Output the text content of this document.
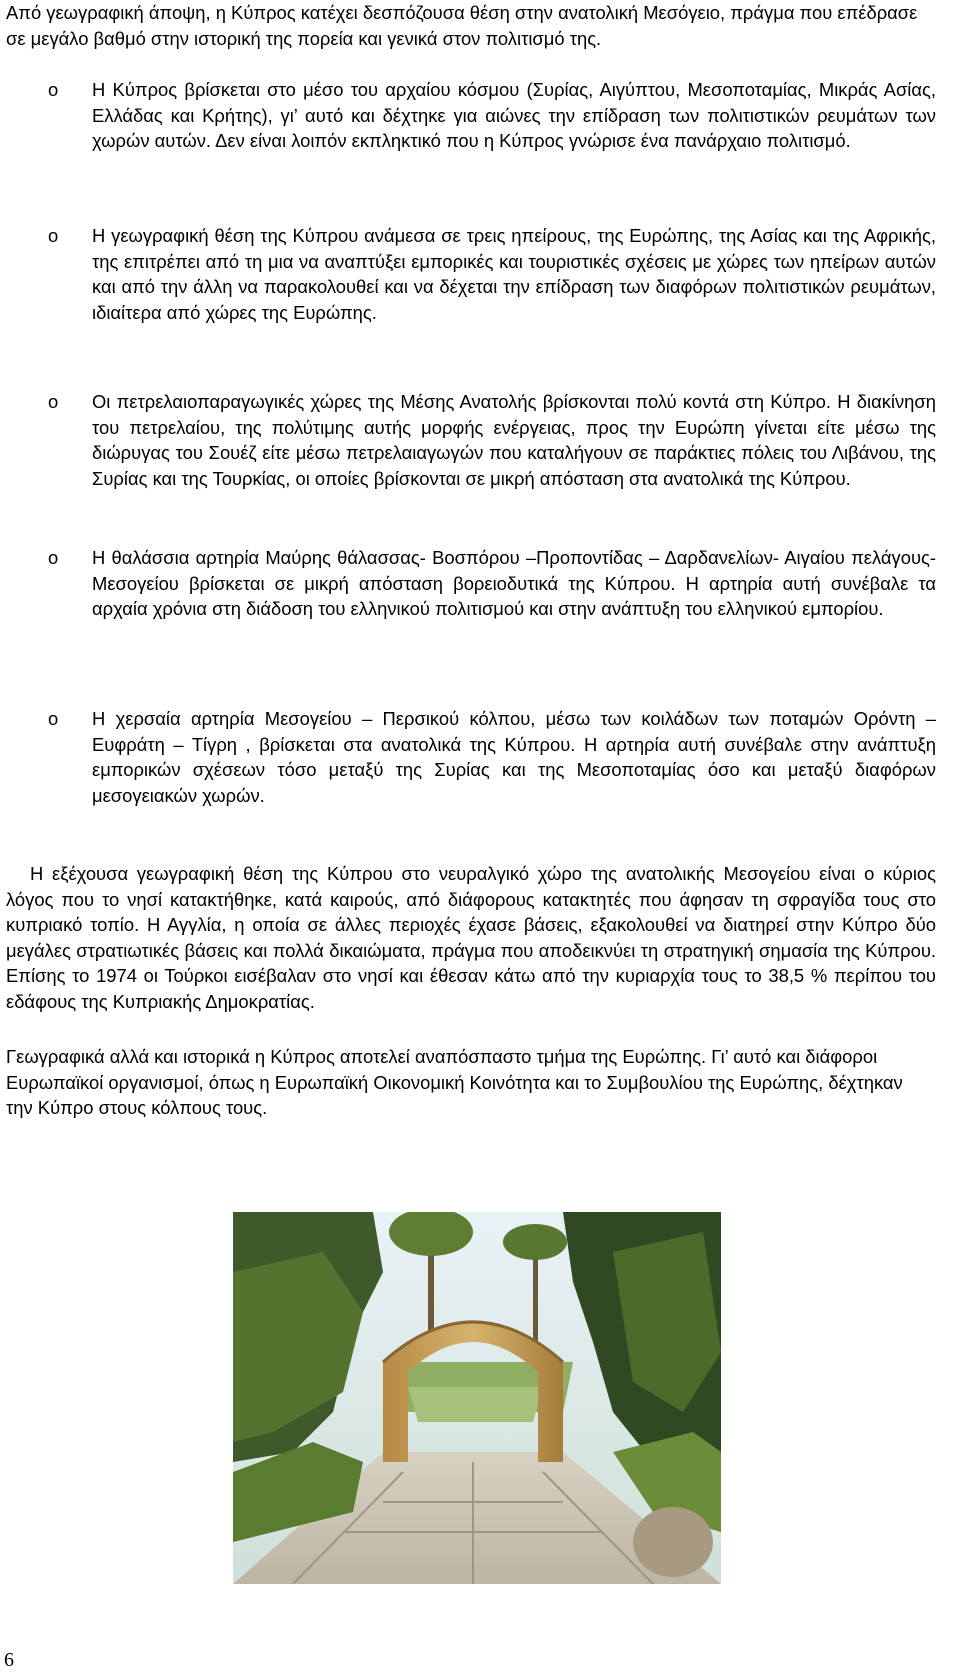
Από γεωγραφική άποψη, η Κύπρος κατέχει δεσπόζουσα θέση στην ανατολική Μεσόγειο, πράγμα που επέδρασε σε μεγάλο βαθμό στην ιστορική της πορεία και γενικά στον πολιτισμό της.

o Η Κύπρος βρίσκεται στο μέσο του αρχαίου κόσμου (Συρίας, Αιγύπτου, Μεσοποταμίας, Μικράς Ασίας, Ελλάδας και Κρήτης), γι’ αυτό και δέχτηκε για αιώνες την επίδραση των πολιτιστικών ρευμάτων των χωρών αυτών. Δεν είναι λοιπόν εκπληκτικό που η Κύπρος γνώρισε ένα πανάρχαιο πολιτισμό.

o Η γεωγραφική θέση της Κύπρου ανάμεσα σε τρεις ηπείρους, της Ευρώπης, της Ασίας και της Αφρικής, της επιτρέπει από τη μια να αναπτύξει εμπορικές και τουριστικές σχέσεις με χώρες των ηπείρων αυτών και από την άλλη να παρακολουθεί και να δέχεται την επίδραση των διαφόρων πολιτιστικών ρευμάτων, ιδιαίτερα από χώρες της Ευρώπης.

o Οι πετρελαιοπαραγωγικές χώρες της Μέσης Ανατολής βρίσκονται πολύ κοντά στη Κύπρο. Η διακίνηση του πετρελαίου, της πολύτιμης αυτής μορφής ενέργειας, προς την Ευρώπη γίνεται είτε μέσω της διώρυγας του Σουέζ είτε μέσω πετρελαιαγωγών που καταλήγουν σε παράκτιες πόλεις του Λιβάνου, της Συρίας και της Τουρκίας, οι οποίες βρίσκονται σε μικρή απόσταση στα ανατολικά της Κύπρου.

o Η θαλάσσια αρτηρία Μαύρης θάλασσας- Βοσπόρου –Προποντίδας – Δαρδανελίων- Αιγαίου πελάγους- Μεσογείου βρίσκεται σε μικρή απόσταση βορειοδυτικά της Κύπρου. Η αρτηρία αυτή συνέβαλε τα αρχαία χρόνια στη διάδοση του ελληνικού πολιτισμού και στην ανάπτυξη του ελληνικού εμπορίου.

o Η χερσαία αρτηρία Μεσογείου – Περσικού κόλπου, μέσω των κοιλάδων των ποταμών Ορόντη – Ευφράτη – Τίγρη , βρίσκεται στα ανατολικά της Κύπρου. Η αρτηρία αυτή συνέβαλε στην ανάπτυξη εμπορικών σχέσεων τόσο μεταξύ της Συρίας και της Μεσοποταμίας όσο και μεταξύ διαφόρων μεσογειακών χωρών.

Η εξέχουσα γεωγραφική θέση της Κύπρου στο νευραλγικό χώρο της ανατολικής Μεσογείου είναι ο κύριος λόγος που το νησί κατακτήθηκε, κατά καιρούς, από διάφορους κατακτητές που άφησαν τη σφραγίδα τους στο κυπριακό τοπίο. Η Αγγλία, η οποία σε άλλες περιοχές έχασε βάσεις, εξακολουθεί να διατηρεί στην Κύπρο δύο μεγάλες στρατιωτικές βάσεις και πολλά δικαιώματα, πράγμα που αποδεικνύει τη στρατηγική σημασία της Κύπρου. Επίσης το 1974 οι Τούρκοι εισέβαλαν στο νησί και έθεσαν κάτω από την κυριαρχία τους το 38,5 % περίπου του εδάφους της Κυπριακής Δημοκρατίας.

Γεωγραφικά αλλά και ιστορικά η Κύπρος αποτελεί αναπόσπαστο τμήμα της Ευρώπης. Γι’ αυτό και διάφοροι Ευρωπαϊκοί οργανισμοί, όπως η Ευρωπαϊκή Οικονομική Κοινότητα και το Συμβουλίου της Ευρώπης, δέχτηκαν την Κύπρο στους κόλπους τους.

6
